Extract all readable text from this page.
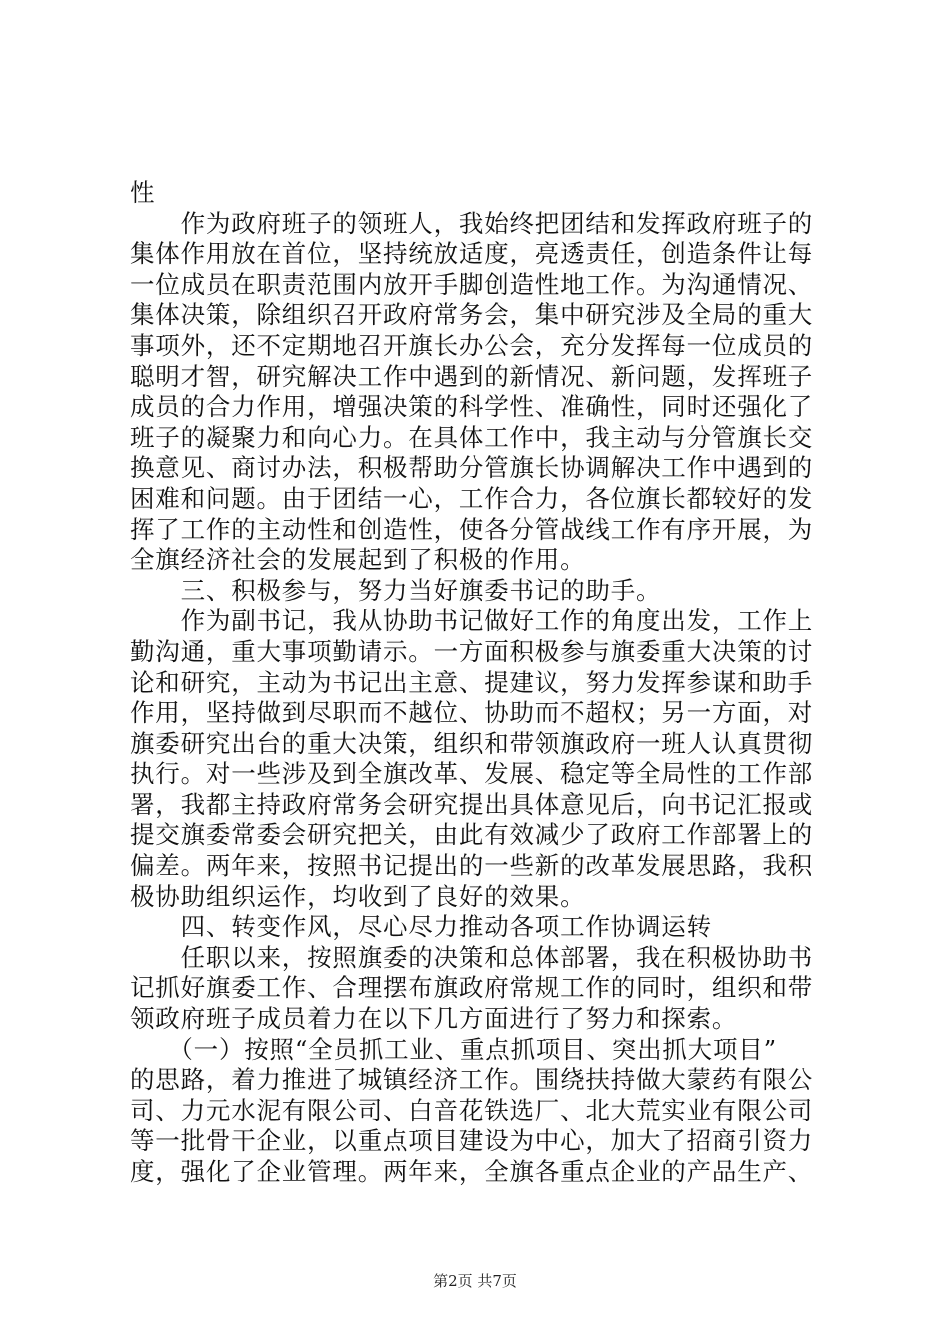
性
　　作为政府班子的领班人，我始终把团结和发挥政府班子的
集体作用放在首位，坚持统放适度，亮透责任，创造条件让每
一位成员在职责范围内放开手脚创造性地工作。为沟通情况、
集体决策，除组织召开政府常务会，集中研究涉及全局的重大
事项外，还不定期地召开旗长办公会，充分发挥每一位成员的
聪明才智，研究解决工作中遇到的新情况、新问题，发挥班子
成员的合力作用，增强决策的科学性、准确性，同时还强化了
班子的凝聚力和向心力。在具体工作中，我主动与分管旗长交
换意见、商讨办法，积极帮助分管旗长协调解决工作中遇到的
困难和问题。由于团结一心，工作合力，各位旗长都较好的发
挥了工作的主动性和创造性，使各分管战线工作有序开展，为
全旗经济社会的发展起到了积极的作用。
　　三、积极参与，努力当好旗委书记的助手。
　　作为副书记，我从协助书记做好工作的角度出发，工作上
勤沟通，重大事项勤请示。一方面积极参与旗委重大决策的讨
论和研究，主动为书记出主意、提建议，努力发挥参谋和助手
作用，坚持做到尽职而不越位、协助而不超权；另一方面，对
旗委研究出台的重大决策，组织和带领旗政府一班人认真贯彻
执行。对一些涉及到全旗改革、发展、稳定等全局性的工作部
署，我都主持政府常务会研究提出具体意见后，向书记汇报或
提交旗委常委会研究把关，由此有效减少了政府工作部署上的
偏差。两年来，按照书记提出的一些新的改革发展思路，我积
极协助组织运作，均收到了良好的效果。
　　四、转变作风，尽心尽力推动各项工作协调运转
　　任职以来，按照旗委的决策和总体部署，我在积极协助书
记抓好旗委工作、合理摆布旗政府常规工作的同时，组织和带
领政府班子成员着力在以下几方面进行了努力和探索。
　　（一）按照“全员抓工业、重点抓项目、突出抓大项目”
的思路，着力推进了城镇经济工作。围绕扶持做大蒙药有限公
司、力元水泥有限公司、白音花铁选厂、北大荒实业有限公司
等一批骨干企业，以重点项目建设为中心，加大了招商引资力
度，强化了企业管理。两年来，全旗各重点企业的产品生产、
第2页 共7页
